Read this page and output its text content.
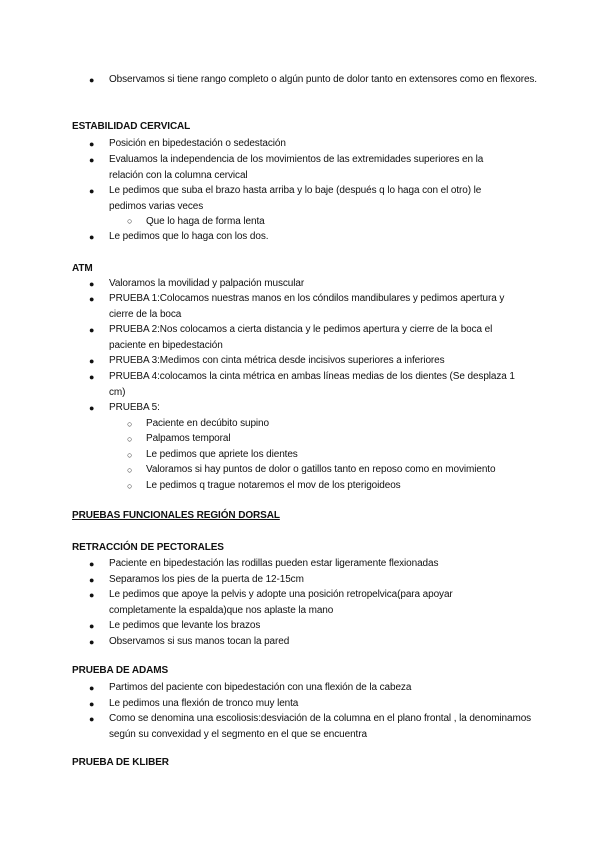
● Observamos si tiene rango completo o algún punto de dolor tanto en extensores como en flexores.
ESTABILIDAD CERVICAL
● Posición en bipedestación o sedestación
● Evaluamos la independencia de los movimientos de las extremidades superiores en la relación con la columna cervical
● Le pedimos que suba el brazo hasta arriba y lo baje (después q lo haga con el otro) le pedimos varias veces
○ Que lo haga de forma lenta
● Le pedimos que lo haga con los dos.
ATM
● Valoramos la movilidad y palpación muscular
● PRUEBA 1:Colocamos nuestras manos en los cóndilos mandibulares y pedimos apertura y cierre de la boca
● PRUEBA 2:Nos colocamos a cierta distancia y le pedimos apertura y cierre de la boca el paciente en bipedestación
● PRUEBA 3:Medimos con cinta métrica desde incisivos superiores a inferiores
● PRUEBA 4:colocamos la cinta métrica en ambas líneas medias de los dientes (Se desplaza 1 cm)
● PRUEBA 5:
○ Paciente en decúbito supino
○ Palpamos temporal
○ Le pedimos que apriete los dientes
○ Valoramos si hay puntos de dolor o gatillos tanto en reposo como en movimiento
○ Le pedimos q trague notaremos el mov de los pterigoideos
PRUEBAS FUNCIONALES REGIÓN DORSAL
RETRACCIÓN DE PECTORALES
● Paciente en bipedestación las rodillas pueden estar ligeramente flexionadas
● Separamos los pies de la puerta de 12-15cm
● Le pedimos que apoye la pelvis y adopte una posición retropelvica(para apoyar completamente la espalda)que nos aplaste la mano
● Le pedimos que levante los brazos
● Observamos si sus manos tocan la pared
PRUEBA DE ADAMS
● Partimos del paciente con bipedestación con una flexión de la cabeza
● Le pedimos una flexión de tronco muy lenta
● Como se denomina una escoliosis:desviación de la columna en el plano frontal , la denominamos según su convexidad y el segmento en el que se encuentra
PRUEBA DE KLIBER
